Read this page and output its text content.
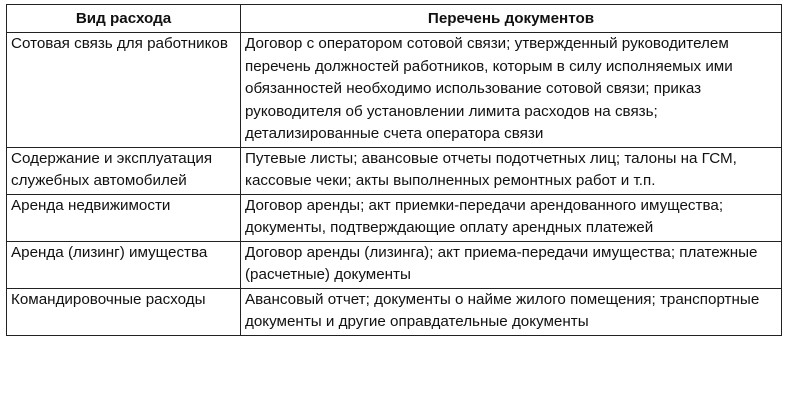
Вид расхода	Перечень документов
Сотовая связь для работников	Договор с оператором сотовой связи; утвержденный руководителем перечень должностей работников, которым в силу исполняемых ими обязанностей необходимо использование сотовой связи; приказ руководителя об установлении лимита расходов на связь; детализированные счета оператора связи
Содержание и эксплуатация служебных автомобилей	Путевые листы; авансовые отчеты подотчетных лиц; талоны на ГСМ, кассовые чеки; акты выполненных ремонтных работ и т.п.
Аренда недвижимости	Договор аренды; акт приемки-передачи арендованного имущества; документы, подтверждающие оплату арендных платежей
Аренда (лизинг) имущества	Договор аренды (лизинга); акт приема-передачи имущества; платежные (расчетные) документы
Командировочные расходы	Авансовый отчет; документы о найме жилого помещения; транспортные документы и другие оправдательные документы
